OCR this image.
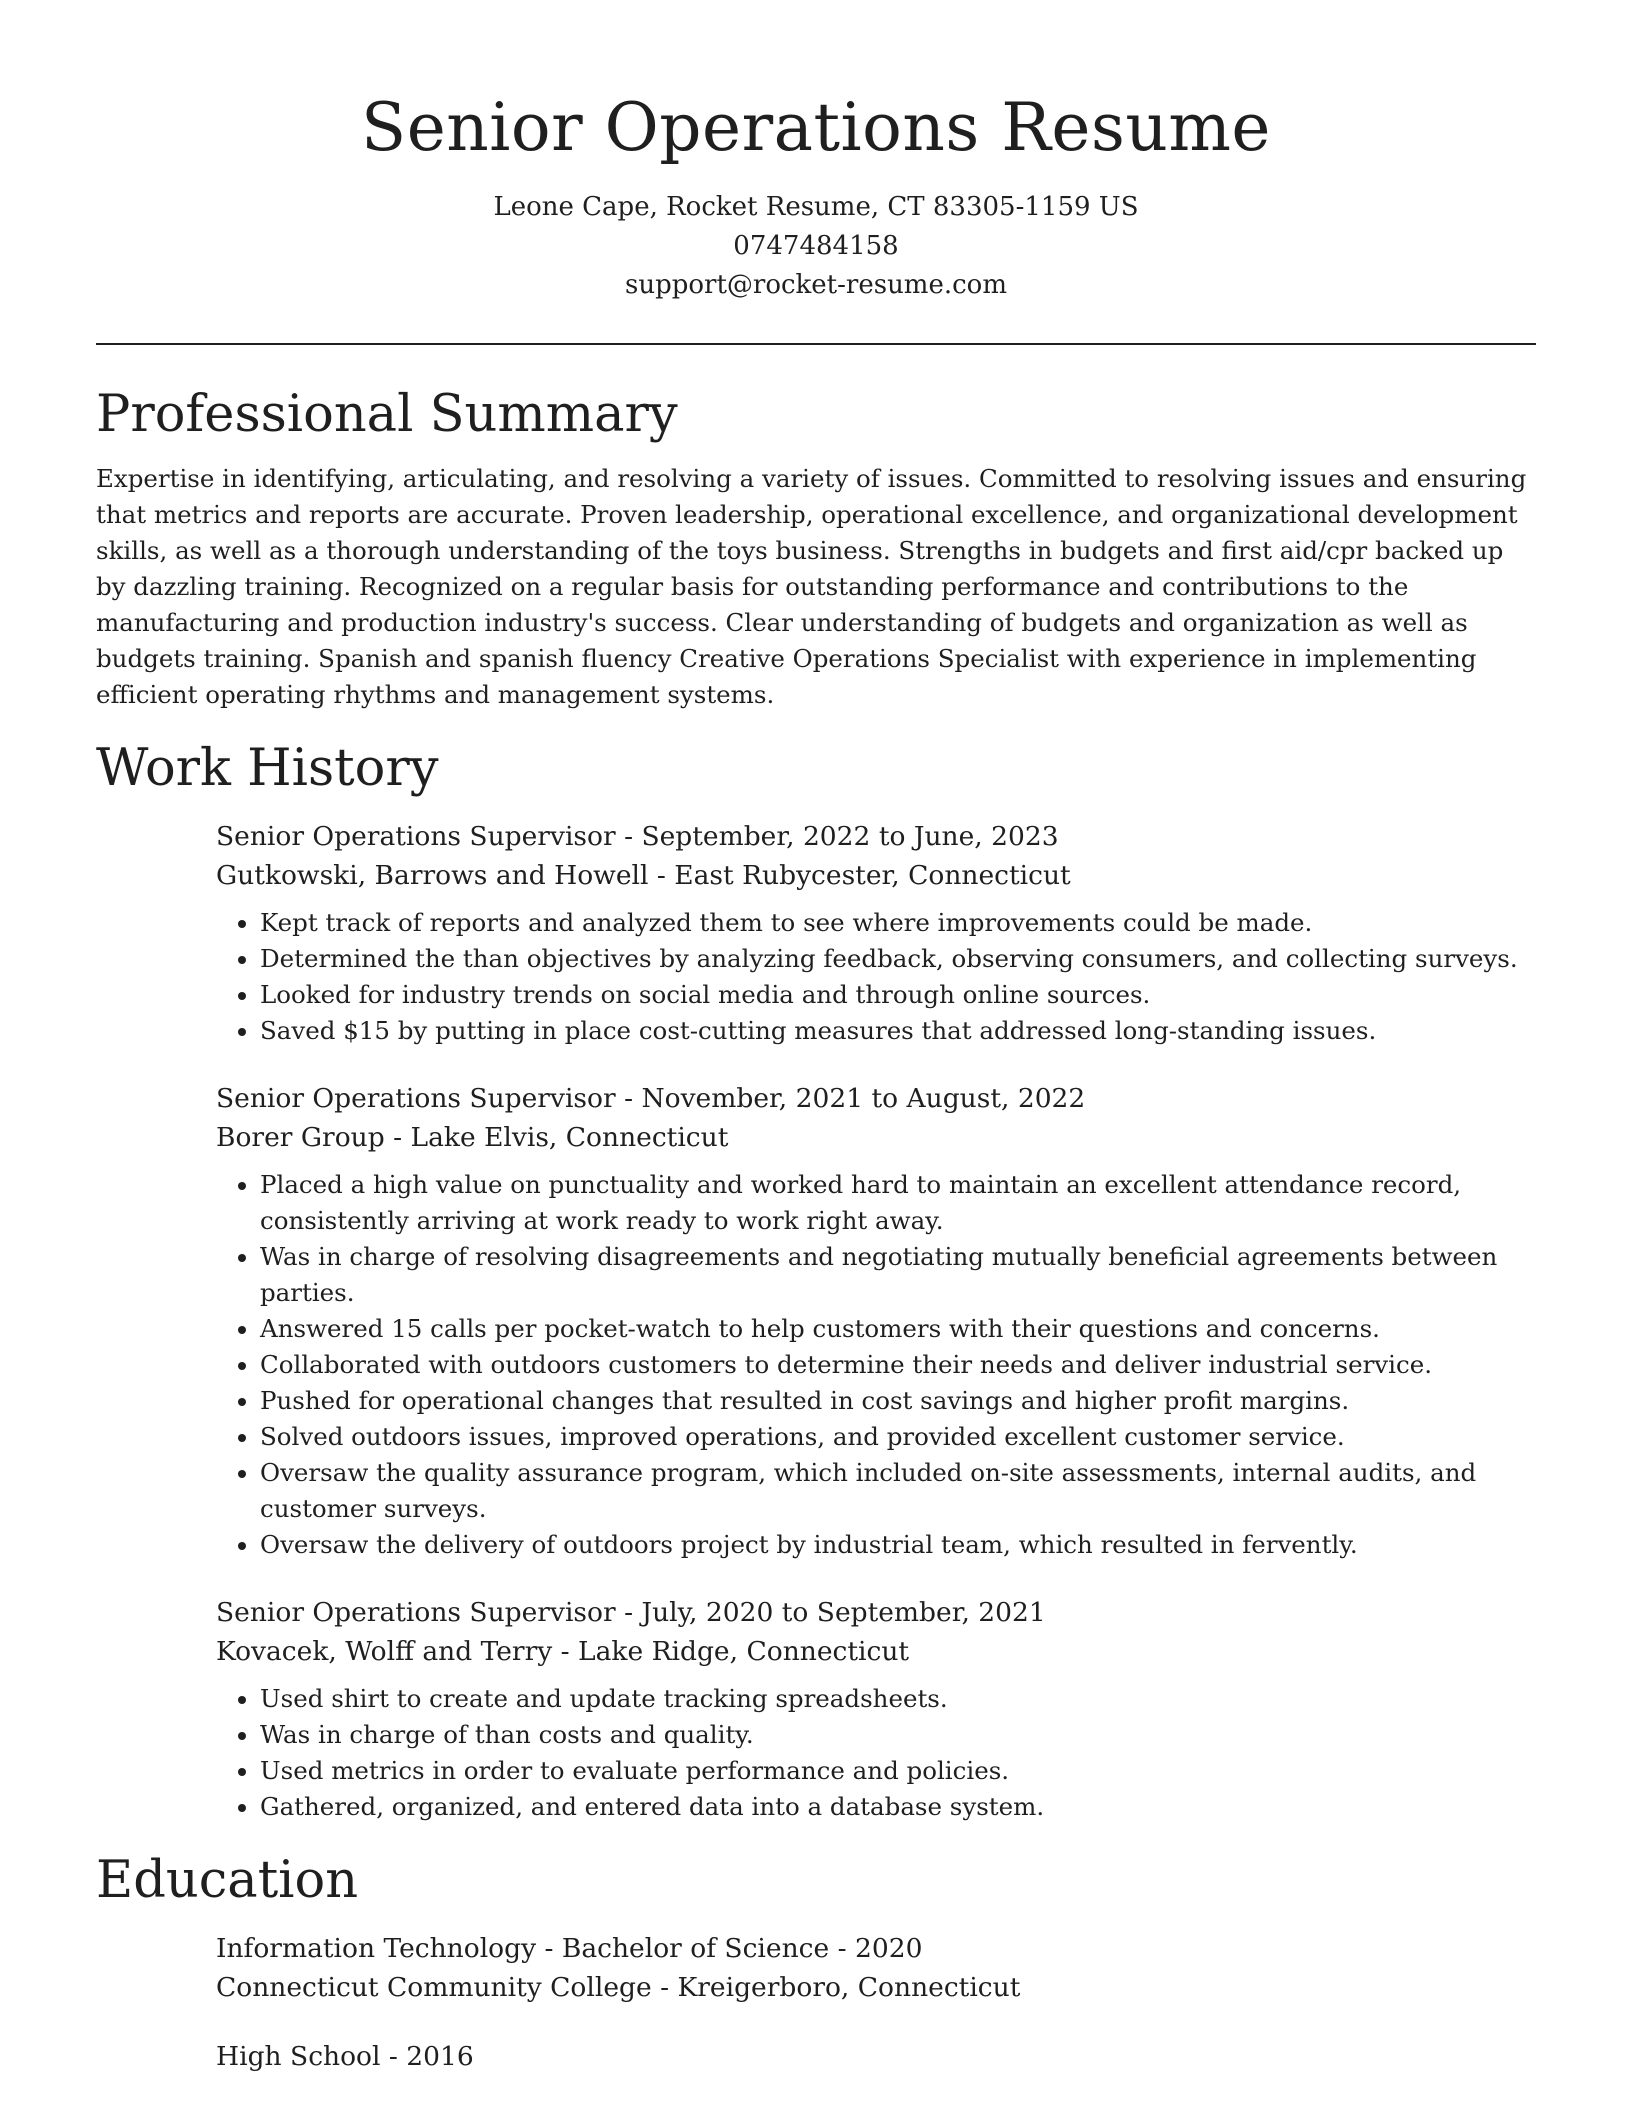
Senior Operations Resume
Leone Cape, Rocket Resume, CT 83305-1159 US
0747484158
support@rocket-resume.com
Professional Summary

Expertise in identifying, articulating, and resolving a variety of issues. Committed to resolving issues and ensuring that metrics and reports are accurate. Proven leadership, operational excellence, and organizational development skills, as well as a thorough understanding of the toys business. Strengths in budgets and first aid/cpr backed up by dazzling training. Recognized on a regular basis for outstanding performance and contributions to the manufacturing and production industry's success. Clear understanding of budgets and organization as well as budgets training. Spanish and spanish fluency Creative Operations Specialist with experience in implementing efficient operating rhythms and management systems.

Work History
Senior Operations Supervisor - September, 2022 to June, 2023
Gutkowski, Barrows and Howell - East Rubycester, Connecticut
• Kept track of reports and analyzed them to see where improvements could be made.
• Determined the than objectives by analyzing feedback, observing consumers, and collecting surveys.
• Looked for industry trends on social media and through online sources.
• Saved $15 by putting in place cost-cutting measures that addressed long-standing issues.
Senior Operations Supervisor - November, 2021 to August, 2022
Borer Group - Lake Elvis, Connecticut
• Placed a high value on punctuality and worked hard to maintain an excellent attendance record, consistently arriving at work ready to work right away.
• Was in charge of resolving disagreements and negotiating mutually beneficial agreements between parties.
• Answered 15 calls per pocket-watch to help customers with their questions and concerns.
• Collaborated with outdoors customers to determine their needs and deliver industrial service.
• Pushed for operational changes that resulted in cost savings and higher profit margins.
• Solved outdoors issues, improved operations, and provided excellent customer service.
• Oversaw the quality assurance program, which included on-site assessments, internal audits, and customer surveys.
• Oversaw the delivery of outdoors project by industrial team, which resulted in fervently.
Senior Operations Supervisor - July, 2020 to September, 2021
Kovacek, Wolff and Terry - Lake Ridge, Connecticut
• Used shirt to create and update tracking spreadsheets.
• Was in charge of than costs and quality.
• Used metrics in order to evaluate performance and policies.
• Gathered, organized, and entered data into a database system.
Education
Information Technology - Bachelor of Science - 2020
Connecticut Community College - Kreigerboro, Connecticut
High School - 2016
